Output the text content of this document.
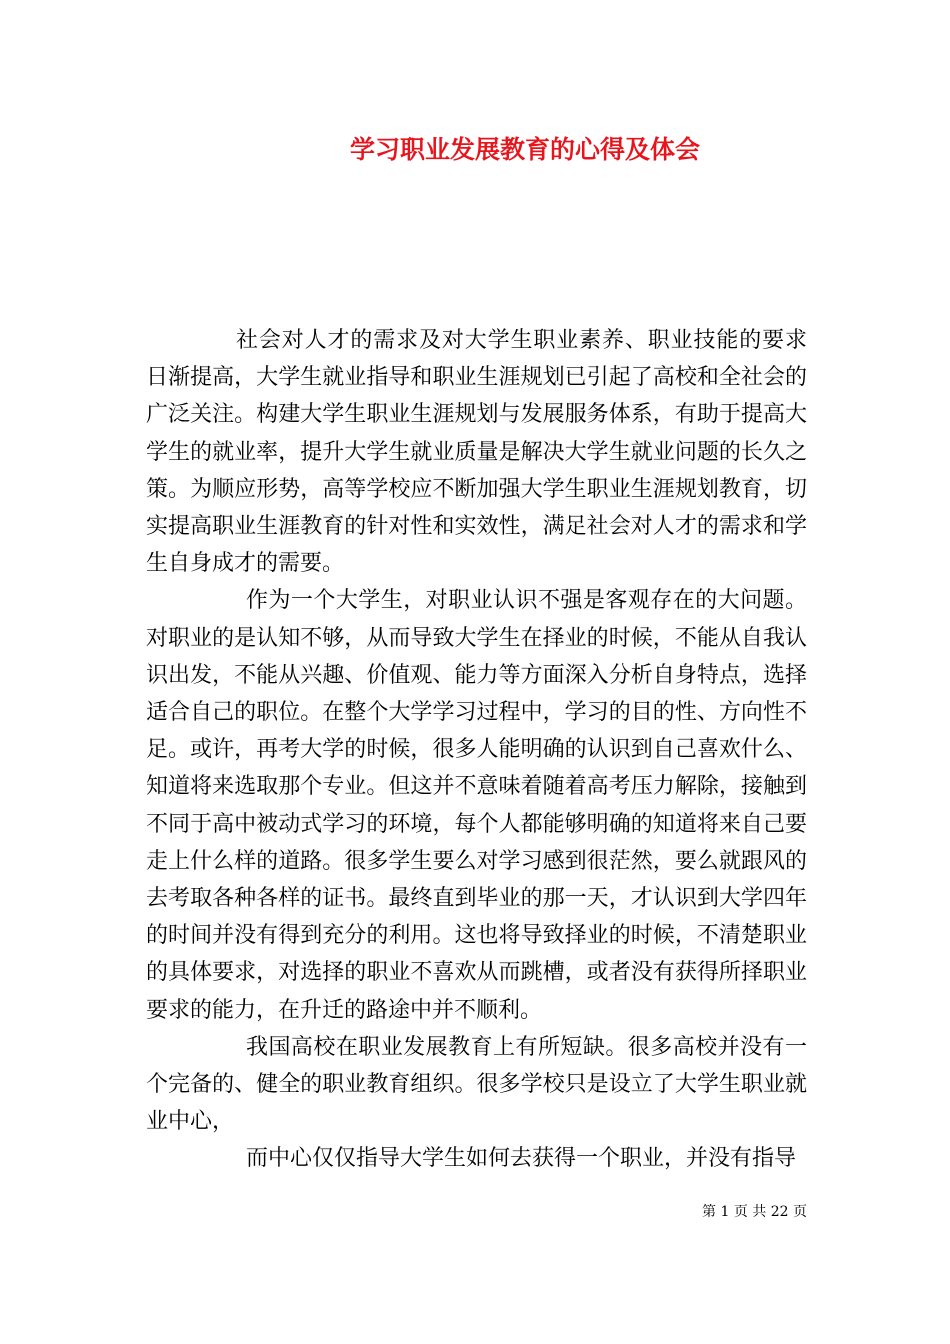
学习职业发展教育的心得及体会

社会对人才的需求及对大学生职业素养、职业技能的要求日渐提高，大学生就业指导和职业生涯规划已引起了高校和全社会的广泛关注。构建大学生职业生涯规划与发展服务体系，有助于提高大学生的就业率，提升大学生就业质量是解决大学生就业问题的长久之策。为顺应形势，高等学校应不断加强大学生职业生涯规划教育，切实提高职业生涯教育的针对性和实效性，满足社会对人才的需求和学生自身成才的需要。

作为一个大学生，对职业认识不强是客观存在的大问题。对职业的是认知不够，从而导致大学生在择业的时候，不能从自我认识出发，不能从兴趣、价值观、能力等方面深入分析自身特点，选择适合自己的职位。在整个大学学习过程中，学习的目的性、方向性不足。或许，再考大学的时候，很多人能明确的认识到自己喜欢什么、知道将来选取那个专业。但这并不意味着随着高考压力解除，接触到不同于高中被动式学习的环境，每个人都能够明确的知道将来自己要走上什么样的道路。很多学生要么对学习感到很茫然，要么就跟风的去考取各种各样的证书。最终直到毕业的那一天，才认识到大学四年的时间并没有得到充分的利用。这也将导致择业的时候，不清楚职业的具体要求，对选择的职业不喜欢从而跳槽，或者没有获得所择职业要求的能力，在升迁的路途中并不顺利。

我国高校在职业发展教育上有所短缺。很多高校并没有一个完备的、健全的职业教育组织。很多学校只是设立了大学生职业就业中心，

而中心仅仅指导大学生如何去获得一个职业，并没有指导

第 1 页 共 22 页
